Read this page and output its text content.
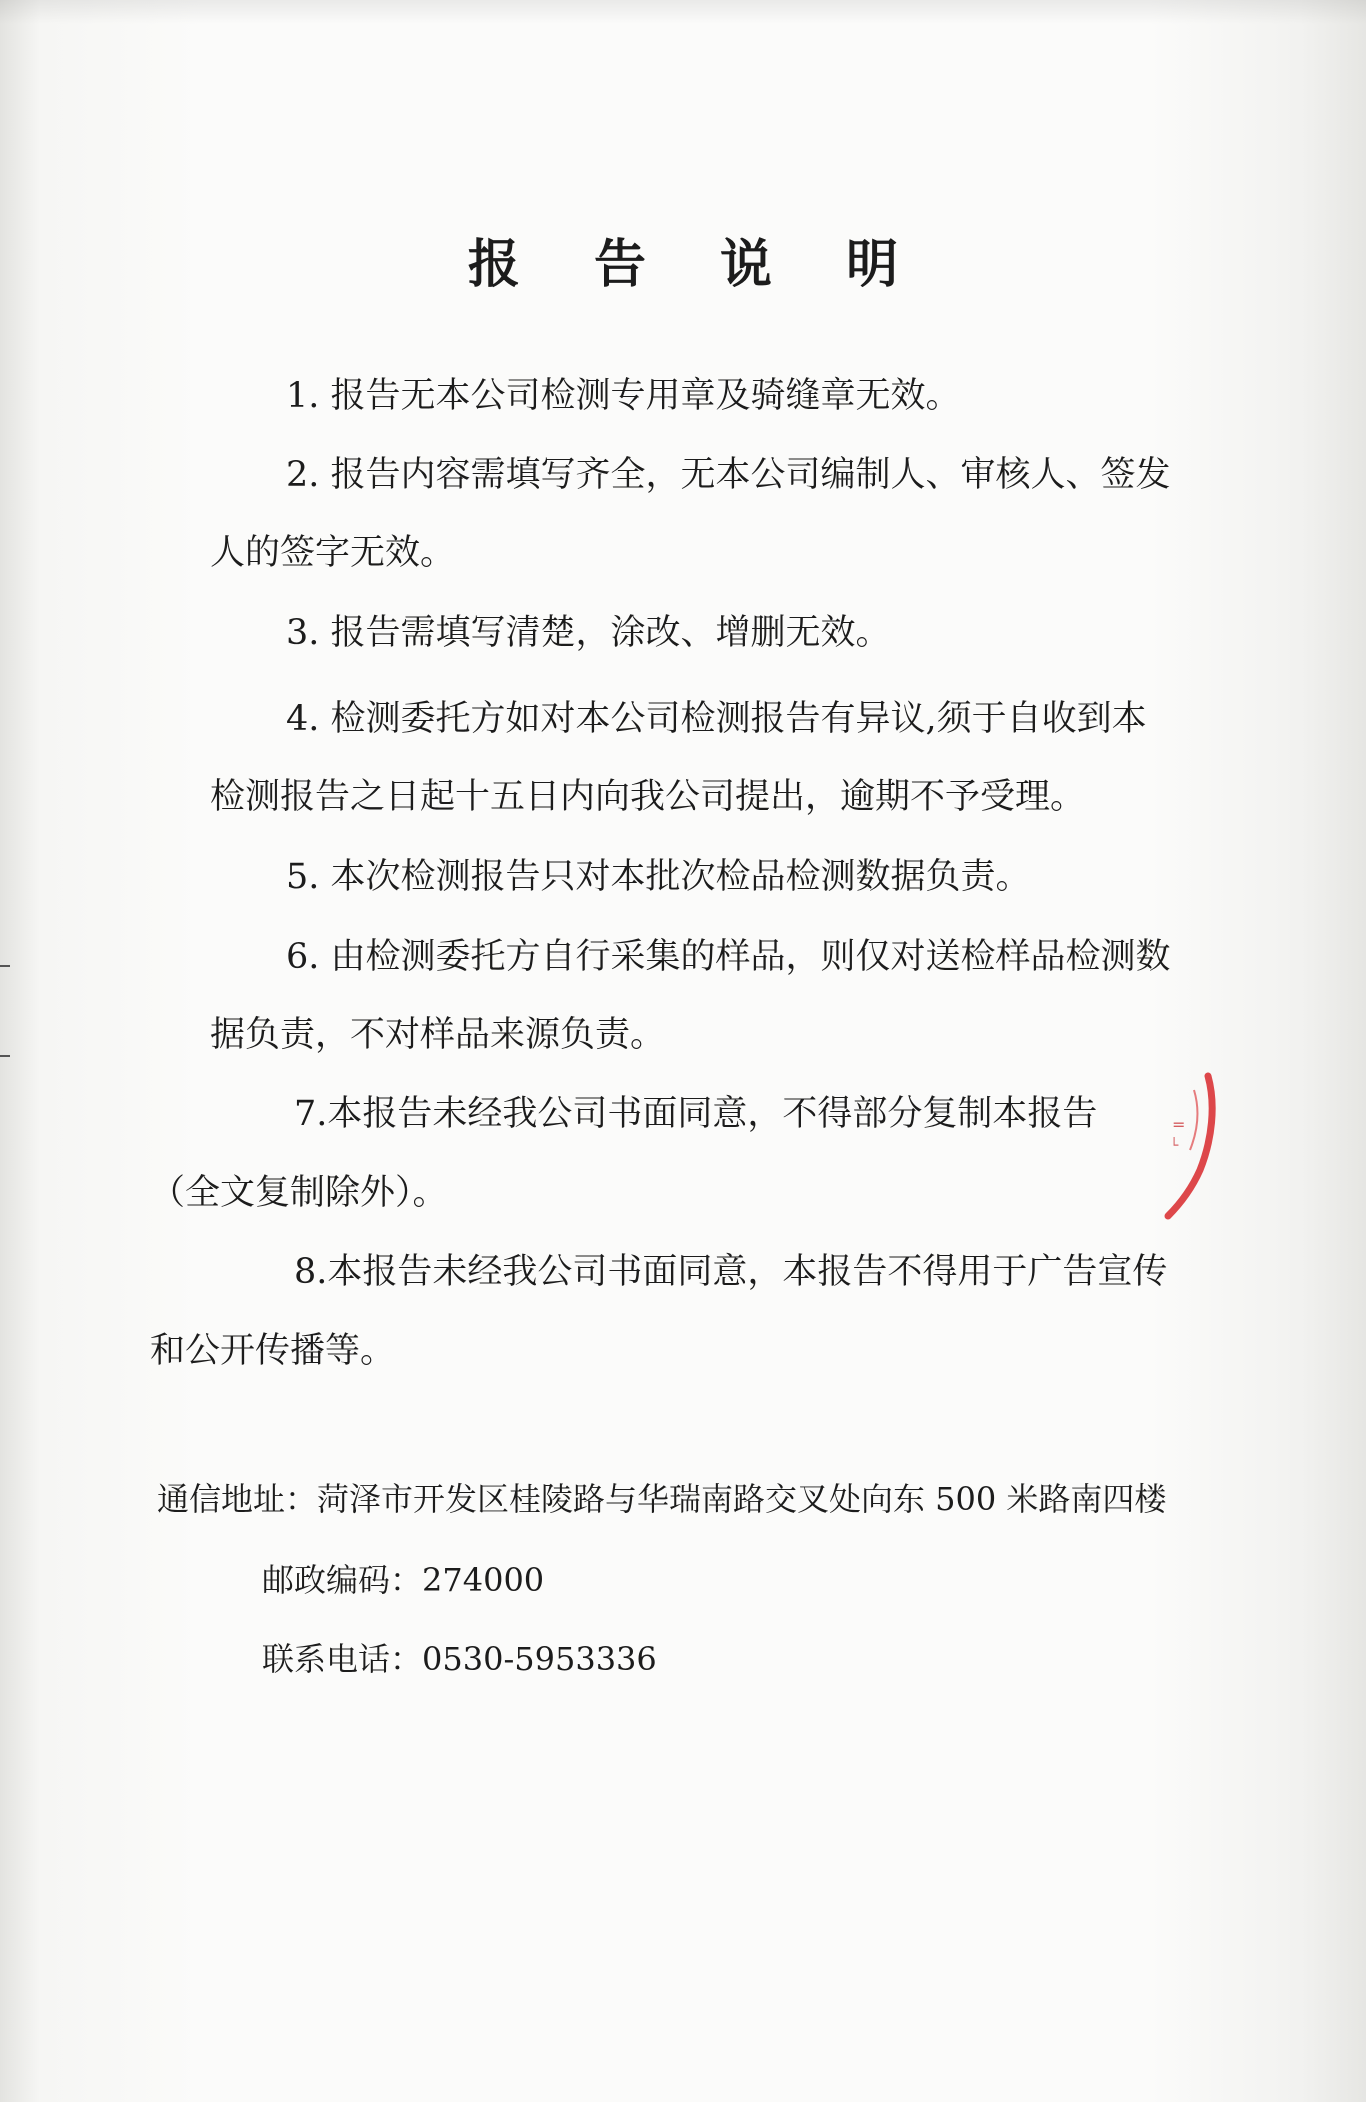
报 告 说 明
1. 报告无本公司检测专用章及骑缝章无效。
2. 报告内容需填写齐全，无本公司编制人、审核人、签发
人的签字无效。
3. 报告需填写清楚，涂改、增删无效。
4. 检测委托方如对本公司检测报告有异议,须于自收到本
检测报告之日起十五日内向我公司提出，逾期不予受理。
5. 本次检测报告只对本批次检品检测数据负责。
6. 由检测委托方自行采集的样品，则仅对送检样品检测数
据负责，不对样品来源负责。
7.本报告未经我公司书面同意，不得部分复制本报告
（全文复制除外）。
8.本报告未经我公司书面同意，本报告不得用于广告宣传
和公开传播等。
通信地址：菏泽市开发区桂陵路与华瑞南路交叉处向东 500 米路南四楼
邮政编码：274000
联系电话：0530-5953336
=
└
